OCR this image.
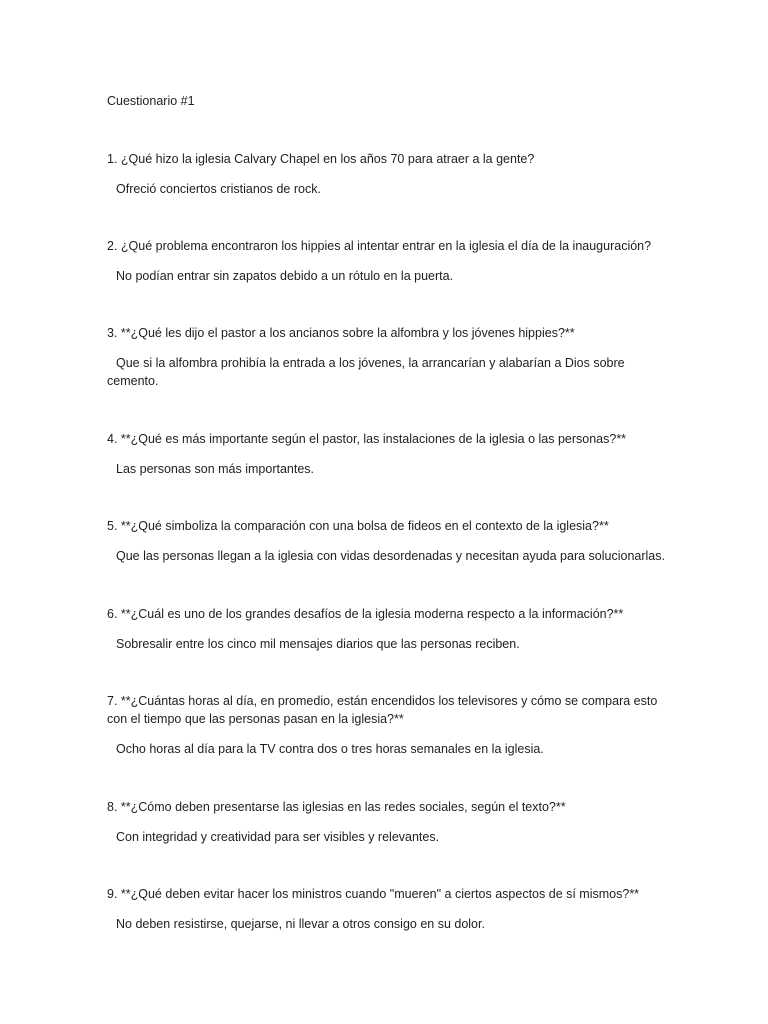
Cuestionario #1

1. ¿Qué hizo la iglesia Calvary Chapel en los años 70 para atraer a la gente?

Ofreció conciertos cristianos de rock.

2. ¿Qué problema encontraron los hippies al intentar entrar en la iglesia el día de la inauguración?

No podían entrar sin zapatos debido a un rótulo en la puerta.

3. **¿Qué les dijo el pastor a los ancianos sobre la alfombra y los jóvenes hippies?**

Que si la alfombra prohibía la entrada a los jóvenes, la arrancarían y alabarían a Dios sobre cemento.

4. **¿Qué es más importante según el pastor, las instalaciones de la iglesia o las personas?**

Las personas son más importantes.

5. **¿Qué simboliza la comparación con una bolsa de fideos en el contexto de la iglesia?**

Que las personas llegan a la iglesia con vidas desordenadas y necesitan ayuda para solucionarlas.

6. **¿Cuál es uno de los grandes desafíos de la iglesia moderna respecto a la información?**

Sobresalir entre los cinco mil mensajes diarios que las personas reciben.

7. **¿Cuántas horas al día, en promedio, están encendidos los televisores y cómo se compara esto con el tiempo que las personas pasan en la iglesia?**

Ocho horas al día para la TV contra dos o tres horas semanales en la iglesia.

8. **¿Cómo deben presentarse las iglesias en las redes sociales, según el texto?**

Con integridad y creatividad para ser visibles y relevantes.

9. **¿Qué deben evitar hacer los ministros cuando "mueren" a ciertos aspectos de sí mismos?**

No deben resistirse, quejarse, ni llevar a otros consigo en su dolor.
